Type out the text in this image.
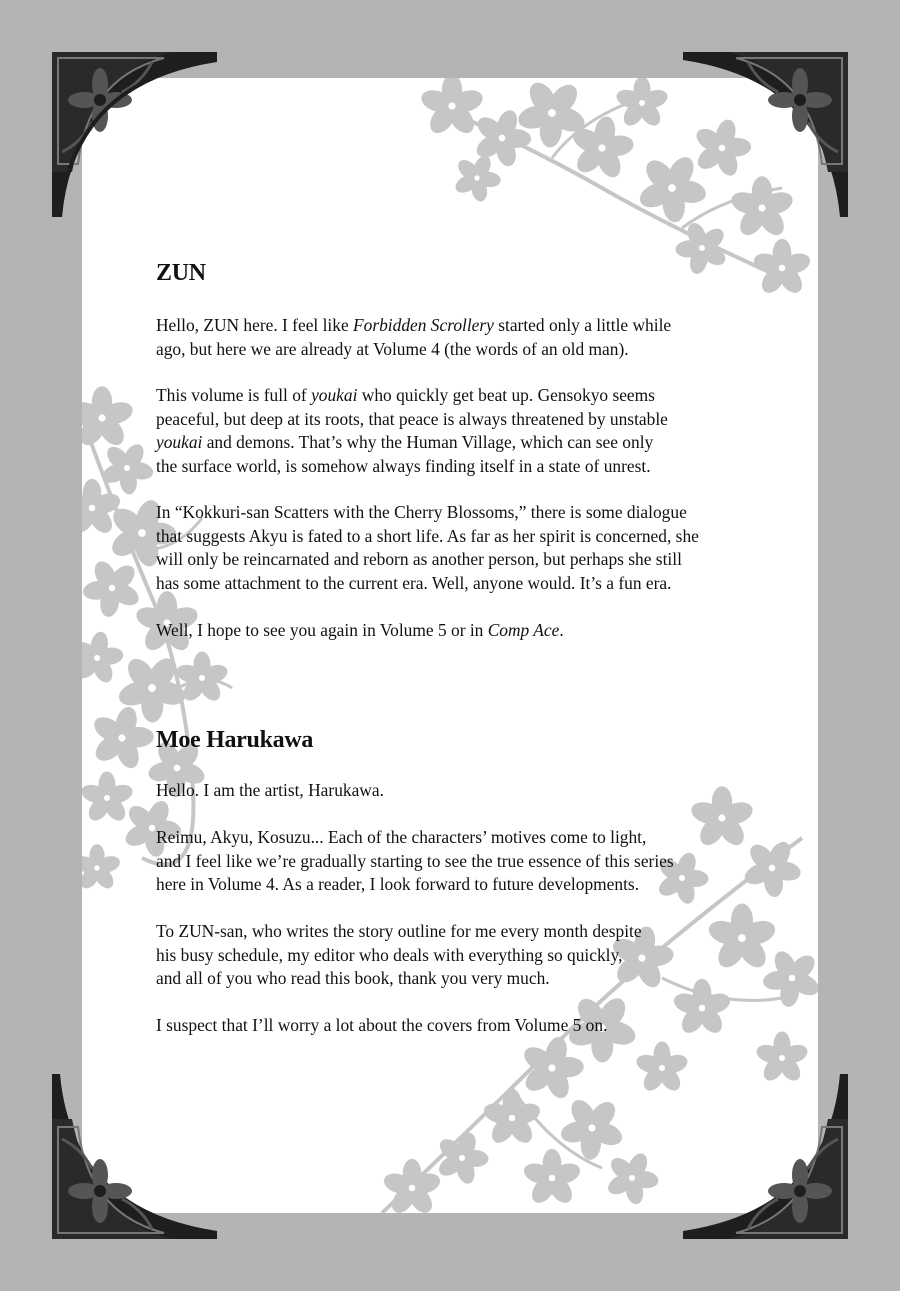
ZUN

Hello, ZUN here. I feel like Forbidden Scrollery started only a little while
ago, but here we are already at Volume 4 (the words of an old man).

This volume is full of youkai who quickly get beat up. Gensokyo seems
peaceful, but deep at its roots, that peace is always threatened by unstable
youkai and demons. That’s why the Human Village, which can see only
the surface world, is somehow always finding itself in a state of unrest.

In “Kokkuri-san Scatters with the Cherry Blossoms,” there is some dialogue
that suggests Akyu is fated to a short life. As far as her spirit is concerned, she
will only be reincarnated and reborn as another person, but perhaps she still
has some attachment to the current era. Well, anyone would. It’s a fun era.

Well, I hope to see you again in Volume 5 or in Comp Ace.

Moe Harukawa

Hello. I am the artist, Harukawa.

Reimu, Akyu, Kosuzu... Each of the characters’ motives come to light,
and I feel like we’re gradually starting to see the true essence of this series
here in Volume 4. As a reader, I look forward to future developments.

To ZUN-san, who writes the story outline for me every month despite
his busy schedule, my editor who deals with everything so quickly,
and all of you who read this book, thank you very much.

I suspect that I’ll worry a lot about the covers from Volume 5 on.
